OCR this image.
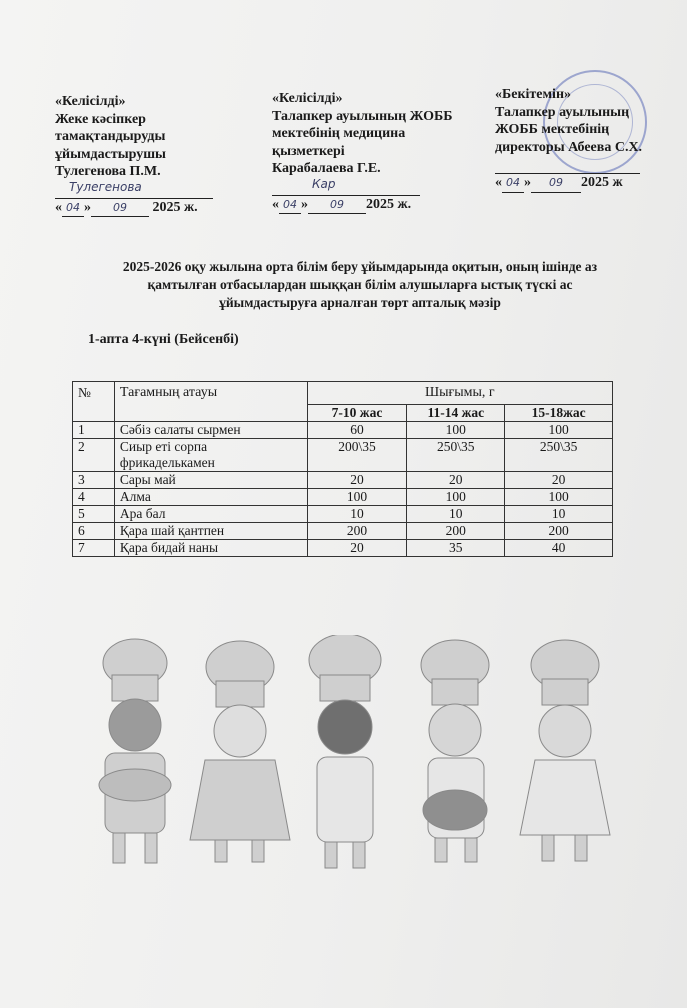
«Келісілді»
Жеке кәсіпкер
тамақтандыруды
ұйымдастырушы
Тулегенова П.М.
Тулегенова
« 04 » 09 2025 ж.
«Келісілді»
Талапкер ауылының ЖОББ
мектебінің медицина
қызметкері
Карабалаева Г.Е.
Кар
« 04 » 09 2025 ж.
«Бекітемін»
Талапкер ауылының
ЖОББ мектебінің
директоры Абеева С.Х.
« 04 » 09 2025 ж
2025-2026 оқу жылына орта білім беру ұйымдарында оқитын, оның ішінде аз
қамтылған отбасылардан шыққан білім алушыларға ыстық түскі ас
ұйымдастыруға арналған төрт апталық мәзір
1-апта 4-күні (Бейсенбі)
№	Тағамның атауы	Шығымы, г		
		7-10 жас	11-14 жас	15-18жас
1	Сәбіз салаты сырмен	60	100	100
2	Сиыр еті сорпа фрикаделькамен	200\35	250\35	250\35
3	Сары май	20	20	20
4	Алма	100	100	100
5	Ара бал	10	10	10
6	Қара шай қантпен	200	200	200
7	Қара бидай наны	20	35	40
